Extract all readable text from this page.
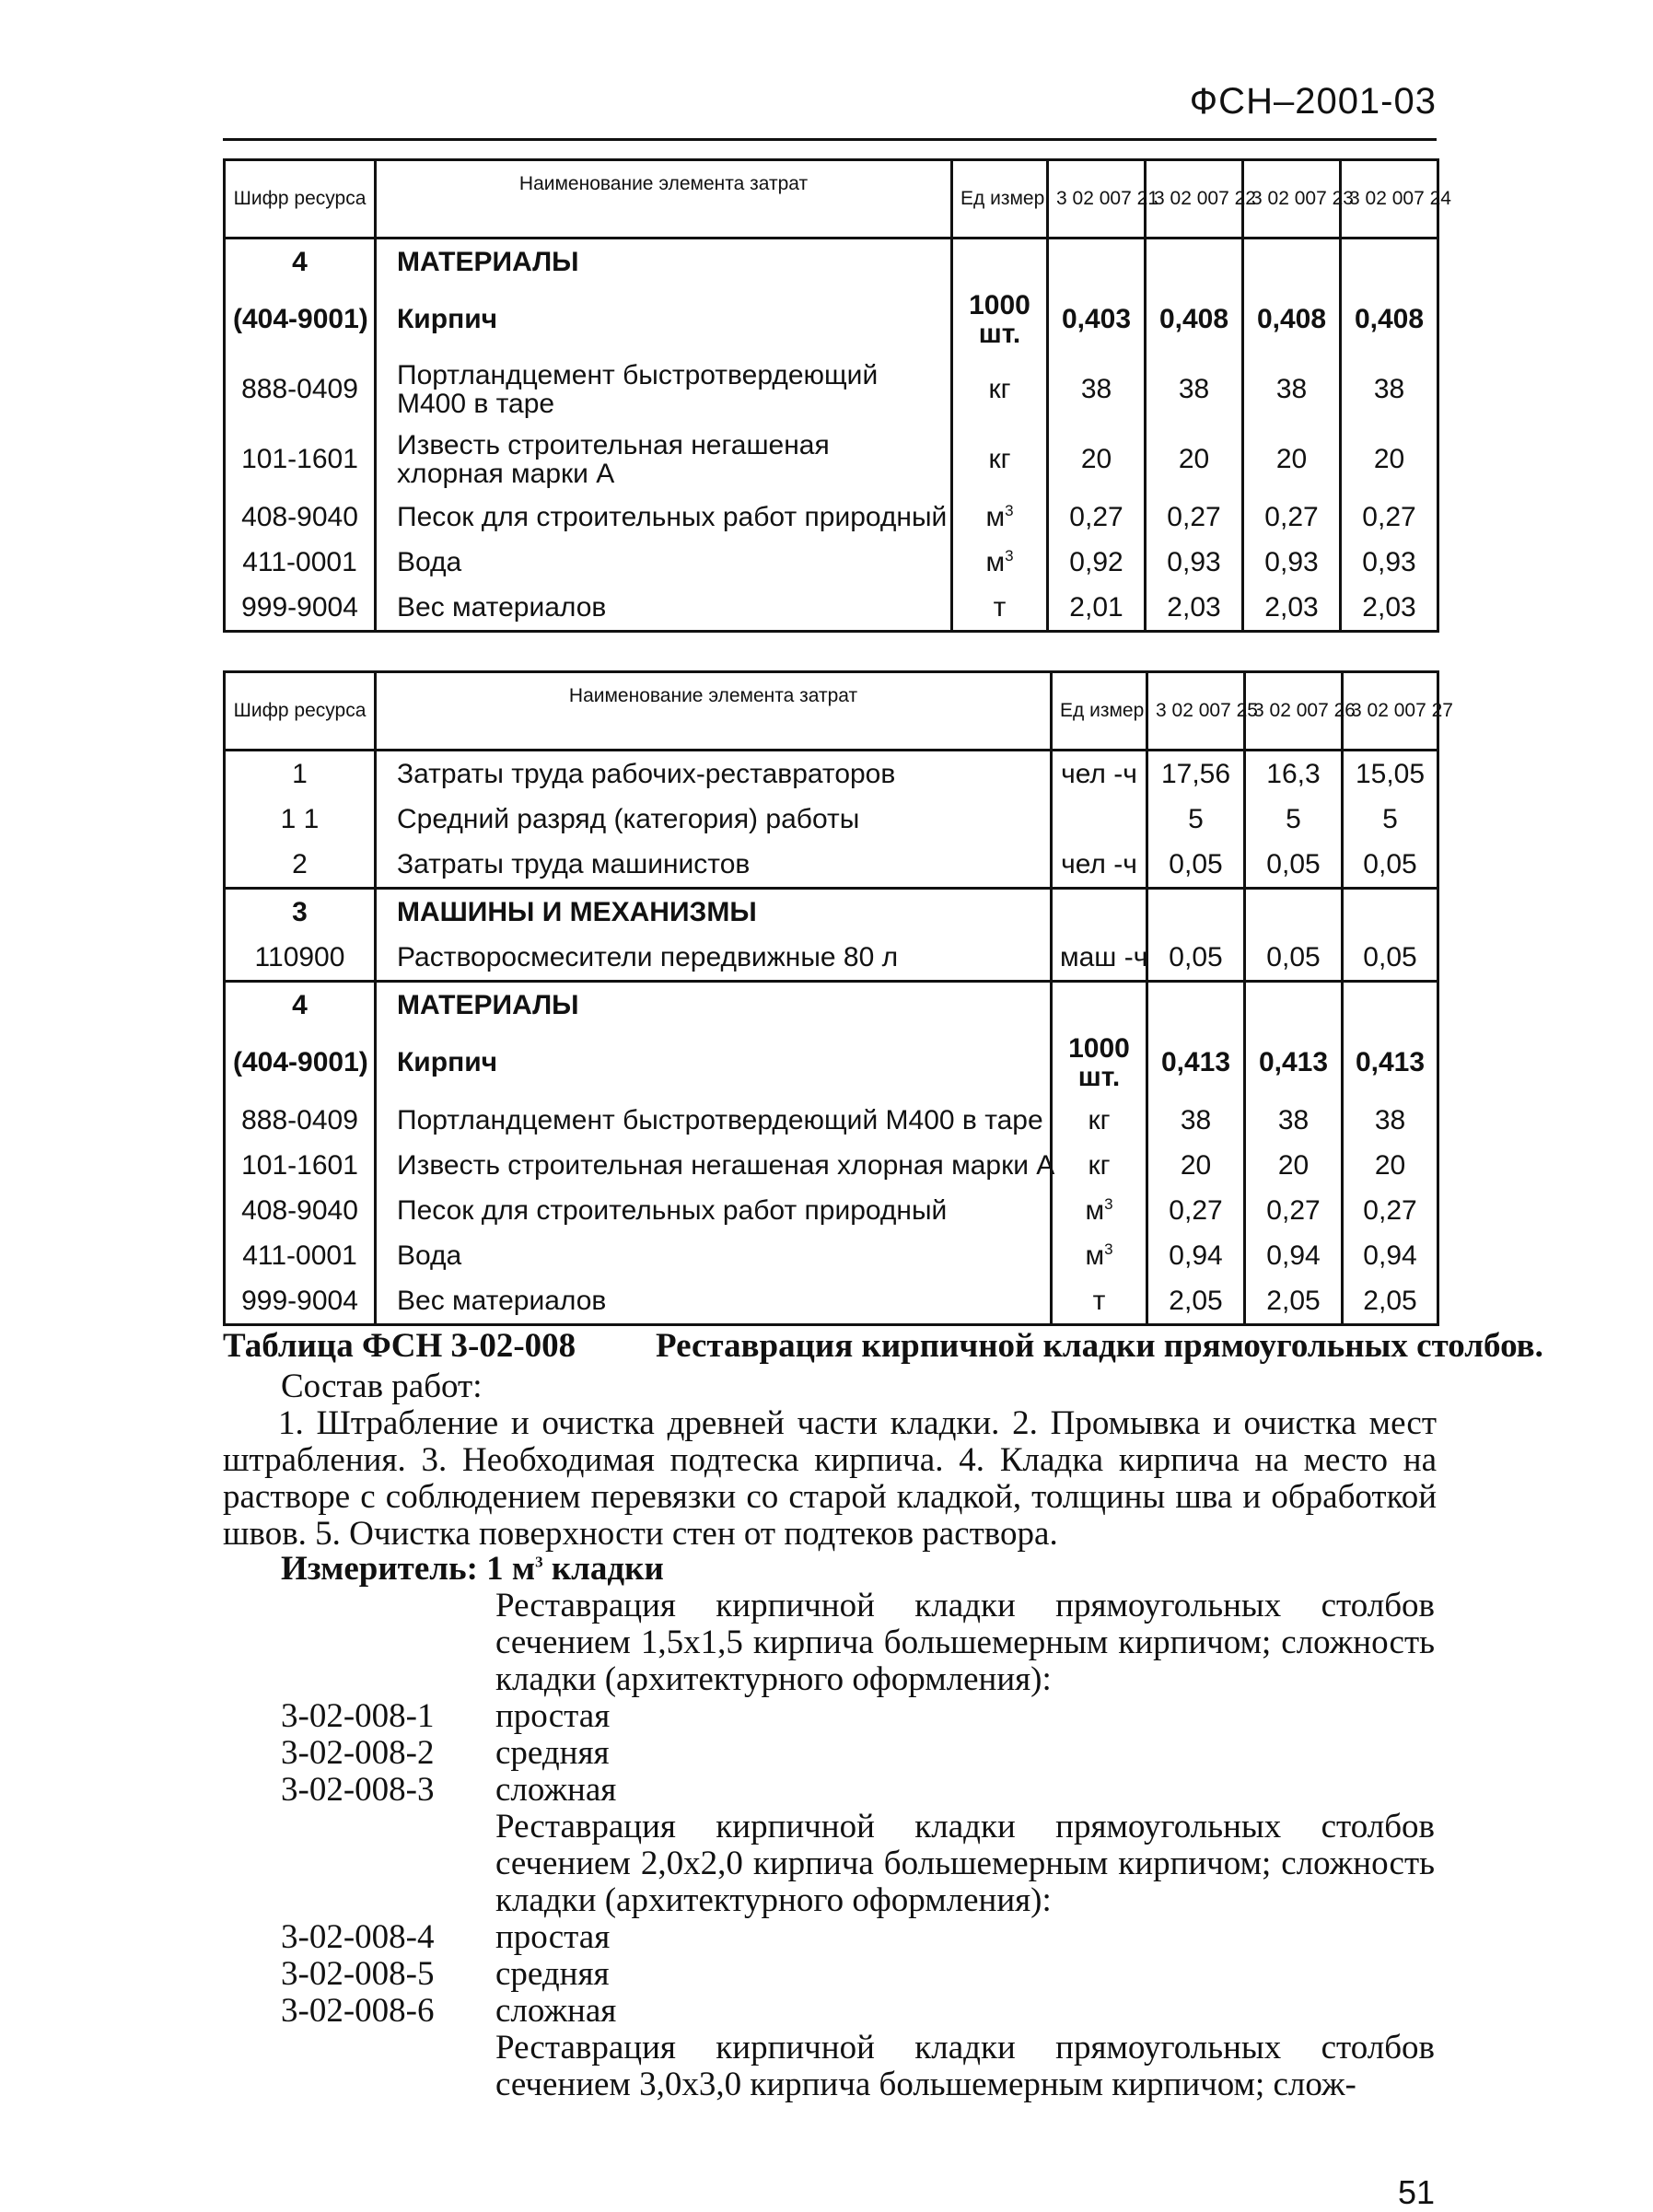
ФСН–2001-03
Шифр ресурса	Наименование элемента затрат	Ед измер	3 02 007 21	3 02 007 22	3 02 007 23	3 02 007 24
4	МАТЕРИАЛЫ					
(404-9001)	Кирпич	1000 шт.	0,403	0,408	0,408	0,408
888-0409	Портландцемент быстротвердеющий М400 в таре	кг	38	38	38	38
101-1601	Известь строительная негашеная хлорная марки А	кг	20	20	20	20
408-9040	Песок для строительных работ природный	$м^3$	0,27	0,27	0,27	0,27
411-0001	Вода	$м^3$	0,92	0,93	0,93	0,93
999-9004	Вес материалов	т	2,01	2,03	2,03	2,03
Шифр ресурса	Наименование элемента затрат	Ед измер	3 02 007 25	3 02 007 26	3 02 007 27
1	Затраты труда рабочих-реставраторов	чел -ч	17,56	16,3	15,05
1 1	Средний разряд (категория) работы		5	5	5
2	Затраты труда машинистов	чел -ч	0,05	0,05	0,05
3	МАШИНЫ И МЕХАНИЗМЫ				
110900	Растворосмесители передвижные 80 л	маш -ч	0,05	0,05	0,05
4	МАТЕРИАЛЫ				
(404-9001)	Кирпич	1000 шт.	0,413	0,413	0,413
888-0409	Портландцемент быстротвердеющий М400 в таре	кг	38	38	38
101-1601	Известь строительная негашеная хлорная марки А	кг	20	20	20
408-9040	Песок для строительных работ природный	$м^3$	0,27	0,27	0,27
411-0001	Вода	$м^3$	0,94	0,94	0,94
999-9004	Вес материалов	т	2,05	2,05	2,05
Таблица ФСН 3-02-008 Реставрация кирпичной кладки прямоугольных столбов.
Состав работ:
1. Штрабление и очистка древней части кладки. 2. Промывка и очистка мест штрабления. 3. Необходимая подтеска кирпича. 4. Кладка кирпича на место на растворе с соблюдением перевязки со старой кладкой, толщины шва и обработкой швов. 5. Очистка поверхности стен от подтеков раствора.
Измеритель: 1 $м^3$ кладки
Реставрация кирпичной кладки прямоугольных столбов сечением 1,5х1,5 кирпича большемерным кирпичом; сложность кладки (архитектурного оформления):
3-02-008-1 простая
3-02-008-2 средняя
3-02-008-3 сложная
Реставрация кирпичной кладки прямоугольных столбов сечением 2,0х2,0 кирпича большемерным кирпичом; сложность кладки (архитектурного оформления):
3-02-008-4 простая
3-02-008-5 средняя
3-02-008-6 сложная
Реставрация кирпичной кладки прямоугольных столбов сечением 3,0х3,0 кирпича большемерным кирпичом; слож-
51
